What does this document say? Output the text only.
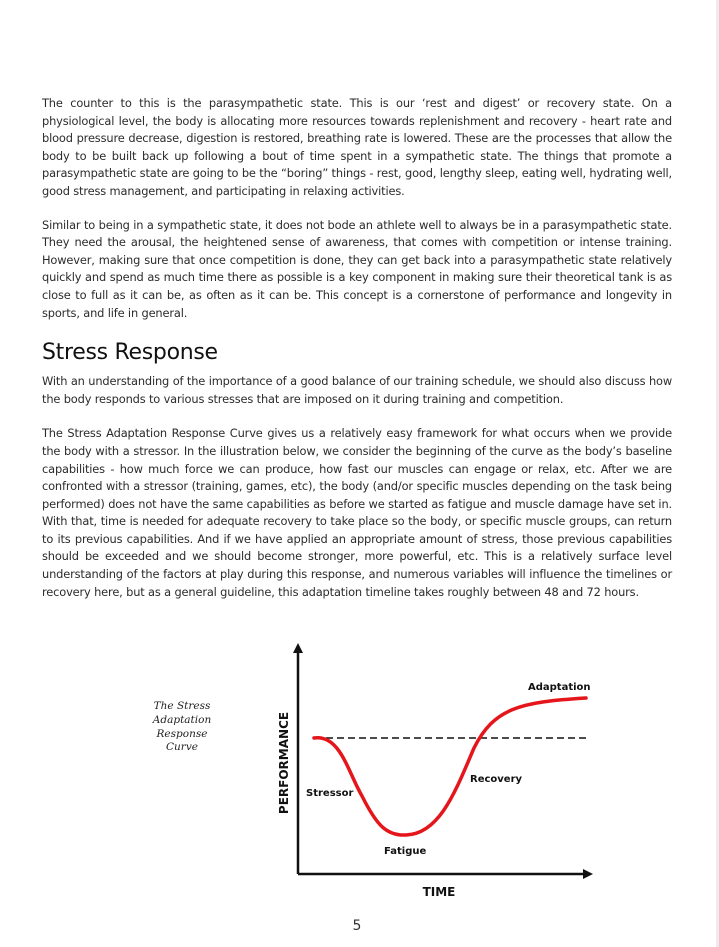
The counter to this is the parasympathetic state. This is our ‘rest and digest’ or recovery state. On a physiological level, the body is allocating more resources towards replenishment and recovery - heart rate and blood pressure decrease, digestion is restored, breathing rate is lowered. These are the processes that allow the body to be built back up following a bout of time spent in a sympathetic state. The things that promote a parasympathetic state are going to be the “boring” things - rest, good, lengthy sleep, eating well, hydrating well, good stress management, and participating in relaxing activities.

Similar to being in a sympathetic state, it does not bode an athlete well to always be in a parasympathetic state. They need the arousal, the heightened sense of awareness, that comes with competition or intense training. However, making sure that once competition is done, they can get back into a parasympathetic state relatively quickly and spend as much time there as possible is a key component in making sure their theoretical tank is as close to full as it can be, as often as it can be. This concept is a cornerstone of performance and longevity in sports, and life in general.

Stress Response

With an understanding of the importance of a good balance of our training schedule, we should also discuss how the body responds to various stresses that are imposed on it during training and competition.

The Stress Adaptation Response Curve gives us a relatively easy framework for what occurs when we provide the body with a stressor. In the illustration below, we consider the beginning of the curve as the body’s baseline capabilities - how much force we can produce, how fast our muscles can engage or relax, etc. After we are confronted with a stressor (training, games, etc), the body (and/or specific muscles depending on the task being performed) does not have the same capabilities as before we started as fatigue and muscle damage have set in. With that, time is needed for adequate recovery to take place so the body, or specific muscle groups, can return to its previous capabilities. And if we have applied an appropriate amount of stress, those previous capabilities should be exceeded and we should become stronger, more powerful, etc. This is a relatively surface level understanding of the factors at play during this response, and numerous variables will influence the timelines or recovery here, but as a general guideline, this adaptation timeline takes roughly between 48 and 72 hours.

The Stress
Adaptation
Response
Curve	PERFORMANCE
TIME
Stressor
Fatigue
Recovery
Adaptation
5
